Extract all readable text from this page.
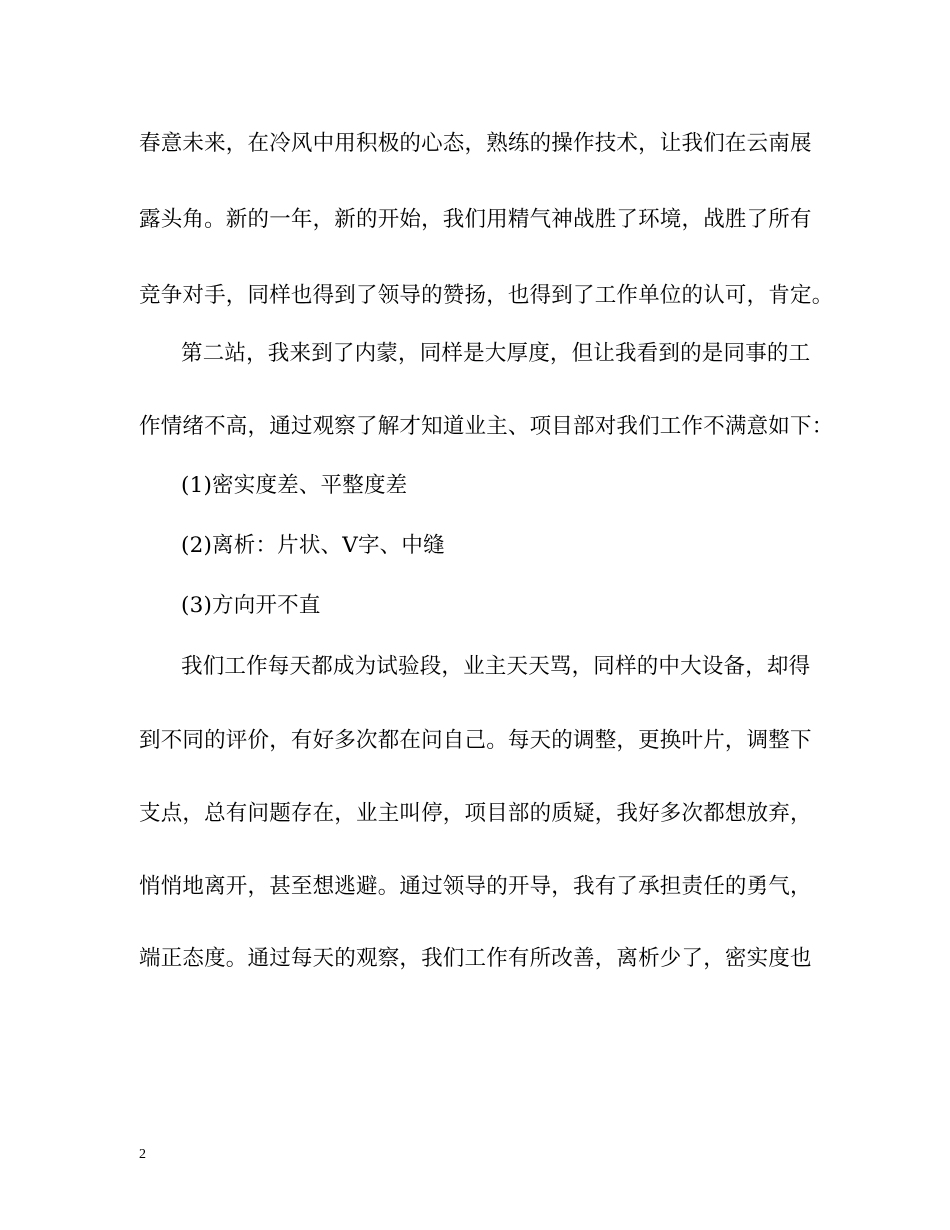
春意未来，在冷风中用积极的心态，熟练的操作技术，让我们在云南展
露头角。新的一年，新的开始，我们用精气神战胜了环境，战胜了所有
竞争对手，同样也得到了领导的赞扬，也得到了工作单位的认可，肯定。
第二站，我来到了内蒙，同样是大厚度，但让我看到的是同事的工
作情绪不高，通过观察了解才知道业主、项目部对我们工作不满意如下：
(1)密实度差、平整度差
(2)离析：片状、V字、中缝
(3)方向开不直
我们工作每天都成为试验段，业主天天骂，同样的中大设备，却得
到不同的评价，有好多次都在问自己。每天的调整，更换叶片，调整下
支点，总有问题存在，业主叫停，项目部的质疑，我好多次都想放弃，
悄悄地离开，甚至想逃避。通过领导的开导，我有了承担责任的勇气，
端正态度。通过每天的观察，我们工作有所改善，离析少了，密实度也
2
